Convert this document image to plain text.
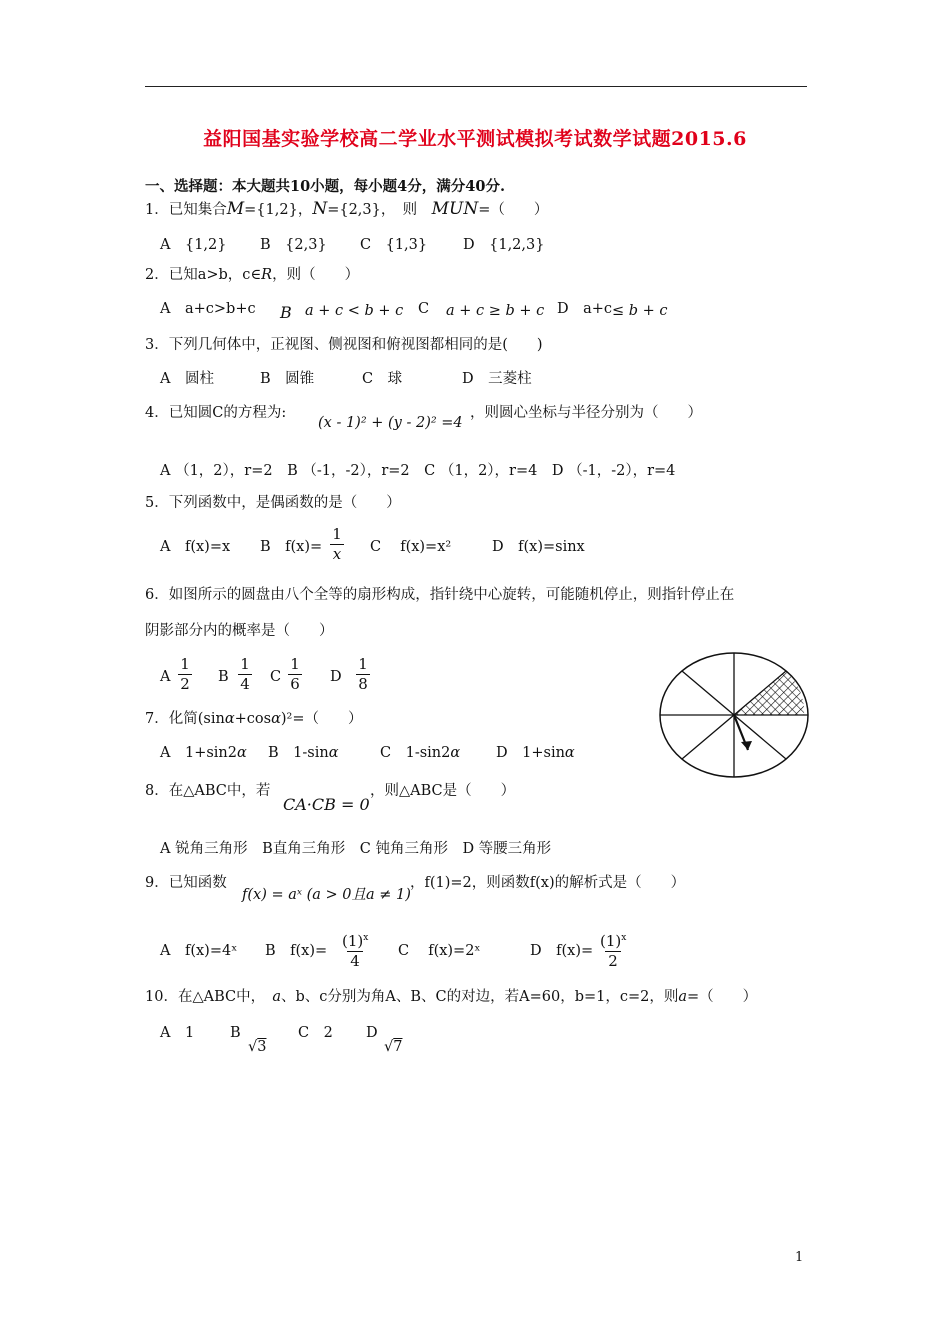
益阳国基实验学校高二学业水平测试模拟考试数学试题2015.6
一、选择题：本大题共10小题，每小题4分，满分40分.
1．已知集合M={1,2}，N={2,3}，　则　 MUN=（　　）
A　{1,2} B　{2,3} C　{1,3} D　{1,2,3}
2．已知a>b，c∈R，则（　　）
A　a+c>b+c B a + c < b + c C a + c ≥ b + c D　a+c ≤ b + c
3．下列几何体中，正视图、侧视图和俯视图都相同的是(　　)
A　圆柱	B　圆锥	C　球	D　三菱柱
4．已知圆C的方程为:
(x - 1)² + (y - 2)² =4
，则圆心坐标与半径分别为（　　）
A （1，2），r=2　B （-1，-2），r=2　C （1，2），r=4　D （-1，-2），r=4
5．下列函数中，是偶函数的是（　　）
A　f(x)=x B　f(x)=
1
x C　 f(x)=x²	D　f(x)=sinx
6．如图所示的圆盘由八个全等的扇形构成，指针绕中心旋转，可能随机停止，则指针停止在
阴影部分内的概率是（　　）
A
1
2 B
1
4 C
1
6 D
1
8
7．化简(sinα+cosα)²=（　　）
A　1+sin2α B　1-sinα	C　1-sin2α D　1+sinα
8．在△ABC中，若
CA·CB = 0
，则△ABC是（　　）
A 锐角三角形　B直角三角形　C 钝角三角形　D 等腰三角形
9．已知函数
f(x) = aˣ (a > 0且a ≠ 1)
，f(1)=2，则函数f(x)的解析式是（　　）
A　f(x)=4ˣ B　f(x)=
$(1)^x$
4
C　 f(x)=2ˣ	D　f(x)=
$(1)^x$
2
10．在△ABC中，　 a、b、c分别为角A、B、C的对边，若A=60，b=1，c=2，则a=（　　）
A　1 B
√3
C　2 D
√7
1
